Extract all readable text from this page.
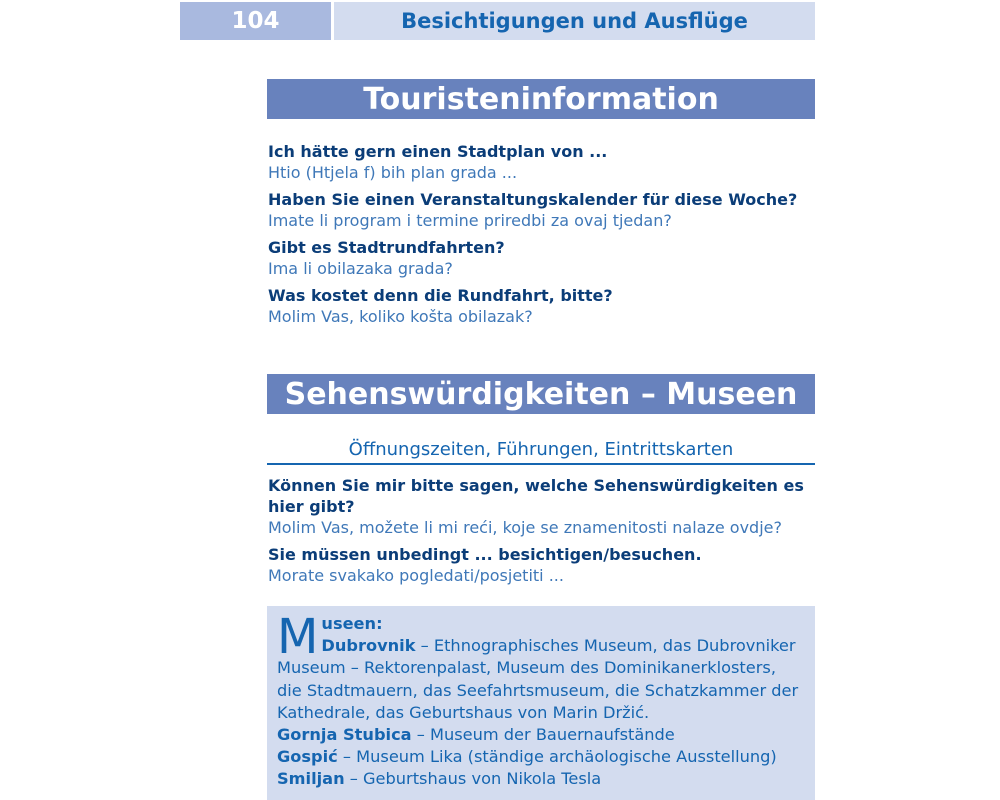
104	Besichtigungen und Ausflüge
Touristeninformation
Ich hätte gern einen Stadtplan von ...
Htio (Htjela f) bih plan grada ...
Haben Sie einen Veranstaltungskalender für diese Woche?
Imate li program i termine priredbi za ovaj tjedan?
Gibt es Stadtrundfahrten?
Ima li obilazaka grada?
Was kostet denn die Rundfahrt, bitte?
Molim Vas, koliko košta obilazak?
Sehenswürdigkeiten – Museen
Öffnungszeiten, Führungen, Eintrittskarten
Können Sie mir bitte sagen, welche Sehenswürdigkeiten es hier gibt?
Molim Vas, možete li mi reći, koje se znamenitosti nalaze ovdje?
Sie müssen unbedingt ... besichtigen/besuchen.
Morate svakako pogledati/posjetiti ...
M useen:
Dubrovnik – Ethnographisches Museum, das Dubrovniker Museum – Rektorenpalast, Museum des Dominikanerklosters, die Stadtmauern, das Seefahrtsmuseum, die Schatzkammer der Kathedrale, das Geburtshaus von Marin Držić.
Gornja Stubica – Museum der Bauernaufstände
Gospić – Museum Lika (ständige archäologische Ausstellung)
Smiljan – Geburtshaus von Nikola Tesla
